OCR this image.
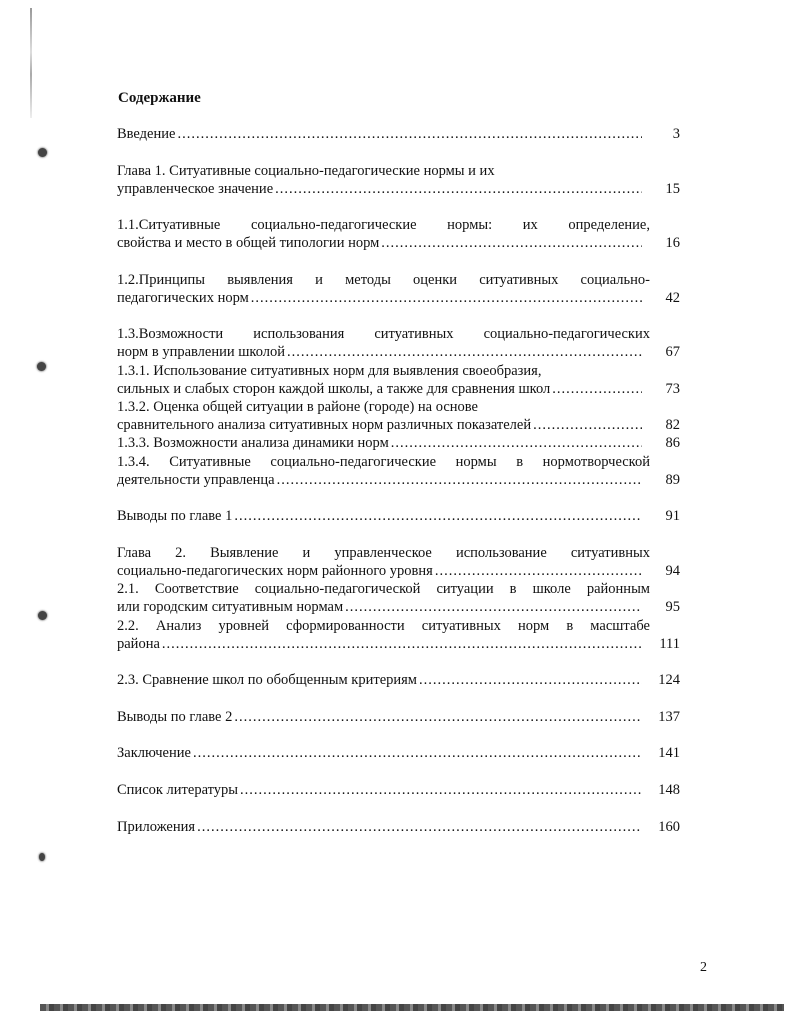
Содержание
Введение .....	3
Глава 1. Ситуативные социально-педагогические нормы и их
управленческое значение .....	15
1.1.Ситуативные социально-педагогические нормы: их определение,
свойства и место в общей типологии норм .....	16
1.2.Принципы выявления и методы оценки ситуативных социально-
педагогических норм .....	42
1.3.Возможности использования ситуативных социально-педагогических
норм в управлении школой .....	67
1.3.1. Использование ситуативных норм для выявления своеобразия,
сильных и слабых сторон каждой школы, а также для сравнения школ .....	73
1.3.2. Оценка общей ситуации в районе (городе) на основе
сравнительного анализа ситуативных норм различных показателей .....	82
1.3.3. Возможности анализа динамики норм .....	86
1.3.4. Ситуативные социально-педагогические нормы в нормотворческой
деятельности управленца .....	89
Выводы по главе 1 .....	91
Глава 2. Выявление и управленческое использование ситуативных
социально-педагогических норм районного уровня .....	94
2.1. Соответствие социально-педагогической ситуации в школе районным
или городским ситуативным нормам .....	95
2.2. Анализ уровней сформированности ситуативных норм в масштабе
района .....	111
2.3. Сравнение школ по обобщенным критериям .....	124
Выводы по главе 2 .....	137
Заключение .....	141
Список литературы .....	148
Приложения .....	160
2
